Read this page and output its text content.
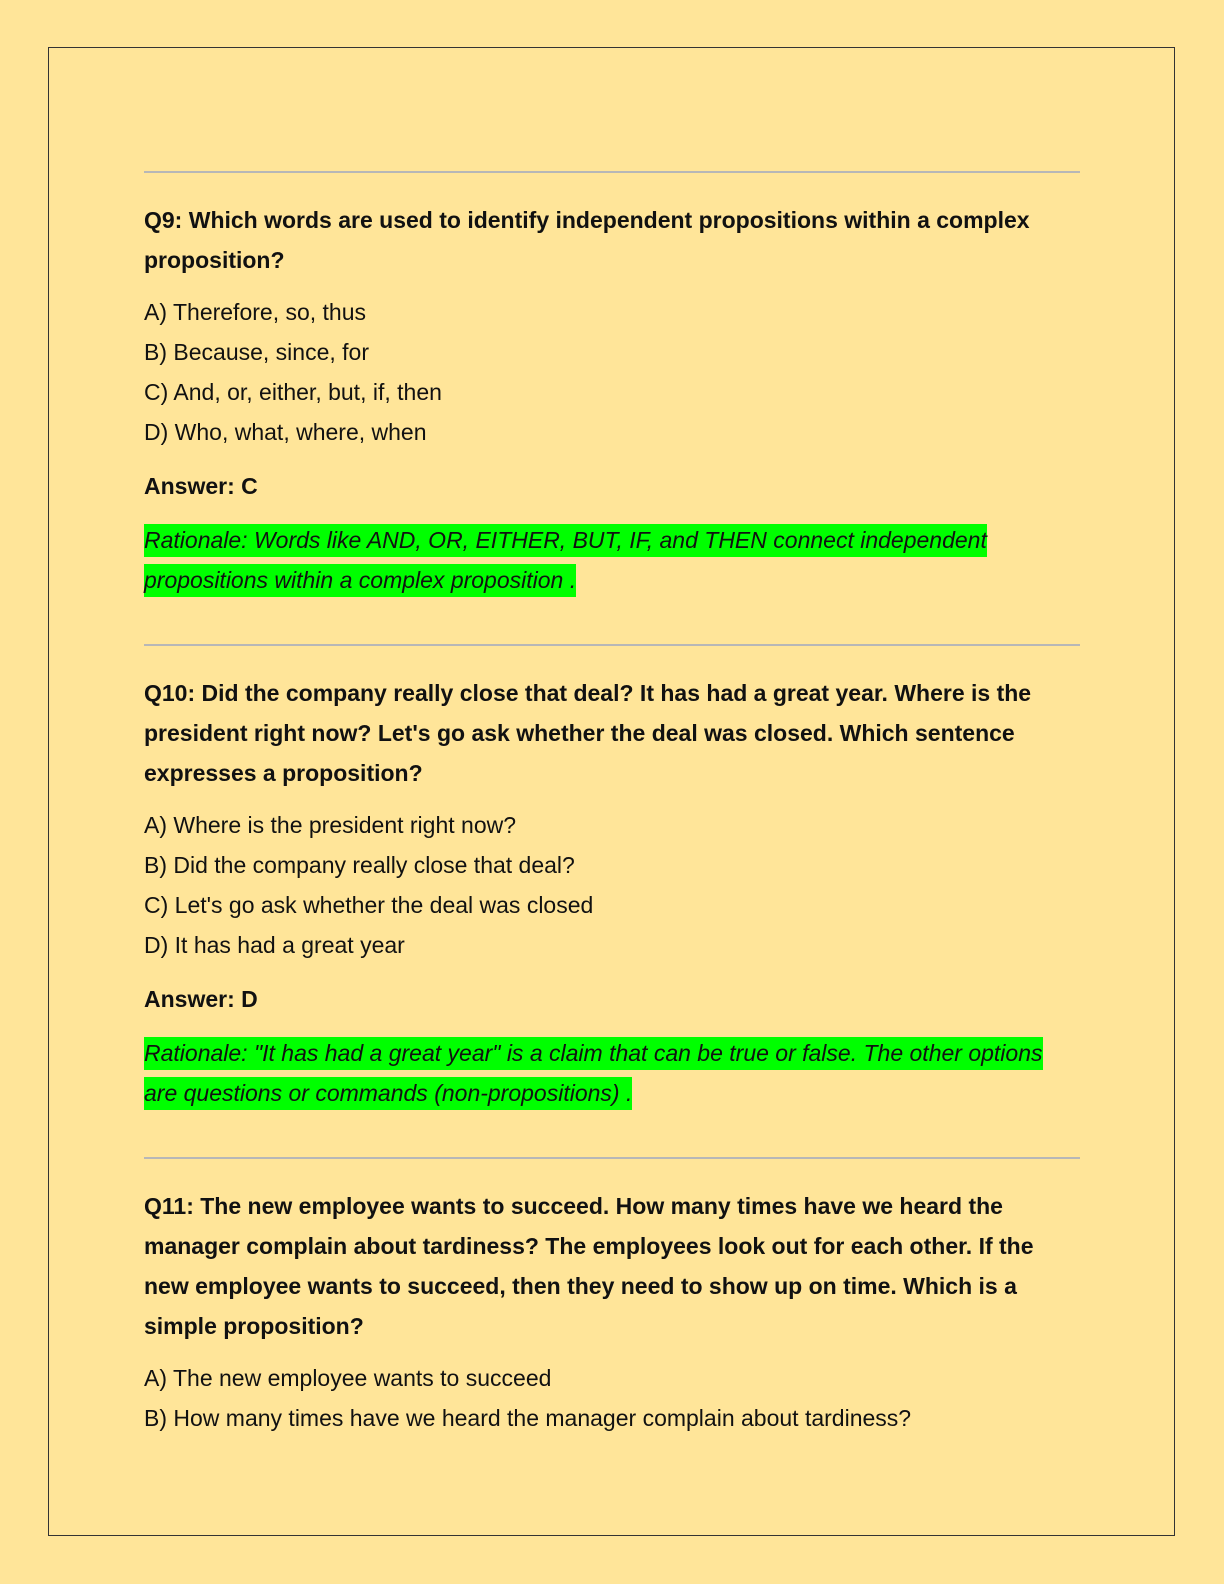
Q9: Which words are used to identify independent propositions within a complex proposition?

A) Therefore, so, thus
B) Because, since, for
C) And, or, either, but, if, then
D) Who, what, where, when

Answer: C

Rationale: Words like AND, OR, EITHER, BUT, IF, and THEN connect independent propositions within a complex proposition .

Q10: Did the company really close that deal? It has had a great year. Where is the president right now? Let's go ask whether the deal was closed. Which sentence expresses a proposition?

A) Where is the president right now?
B) Did the company really close that deal?
C) Let's go ask whether the deal was closed
D) It has had a great year

Answer: D

Rationale: "It has had a great year" is a claim that can be true or false. The other options are questions or commands (non-propositions) .

Q11: The new employee wants to succeed. How many times have we heard the manager complain about tardiness? The employees look out for each other. If the new employee wants to succeed, then they need to show up on time. Which is a simple proposition?

A) The new employee wants to succeed
B) How many times have we heard the manager complain about tardiness?
